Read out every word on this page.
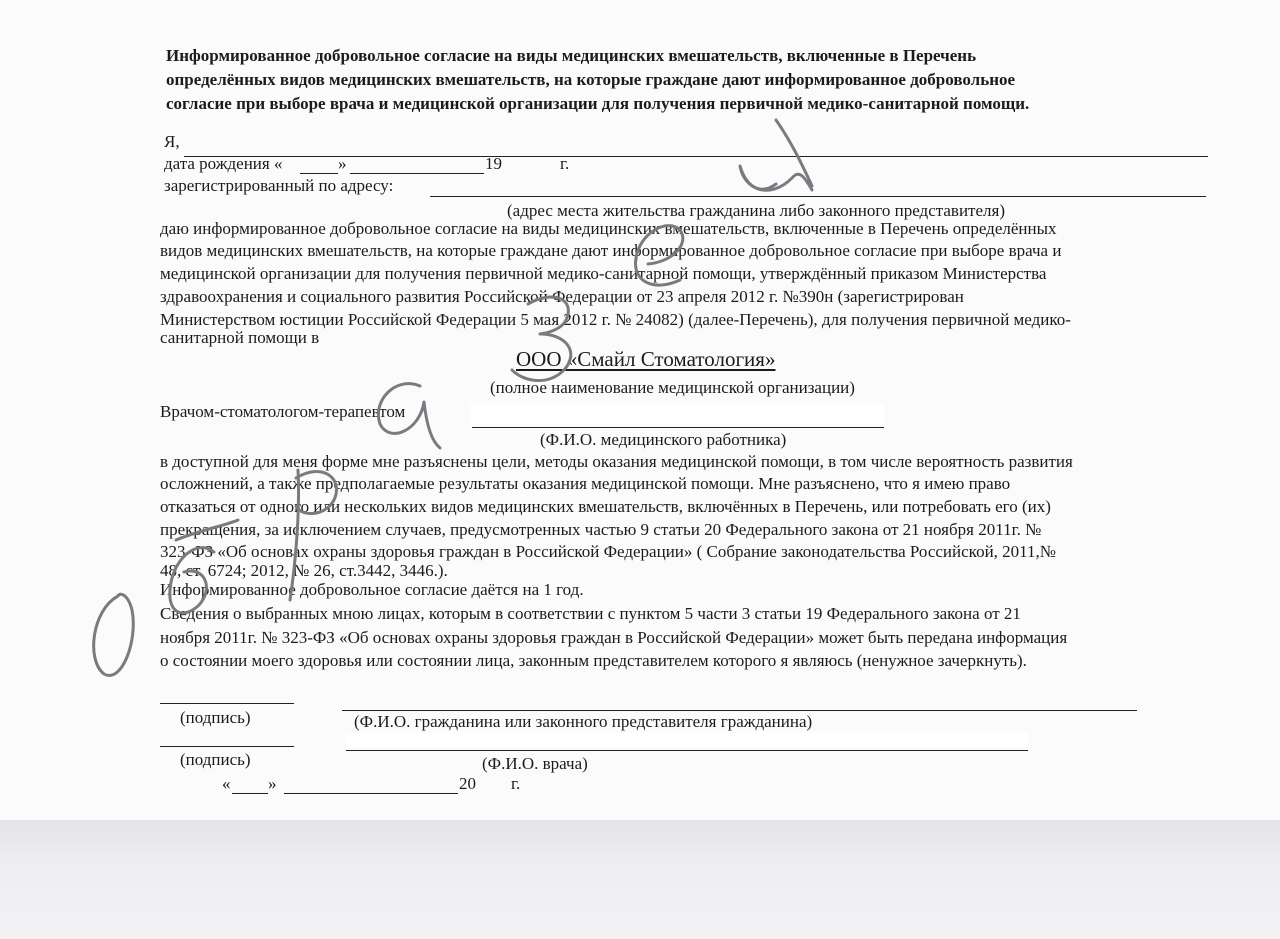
Информированное добровольное согласие на виды медицинских вмешательств, включенные в Перечень
определённых видов медицинских вмешательств, на которые граждане дают информированное добровольное
согласие при выборе врача и медицинской организации для получения первичной медико-санитарной помощи.
Я,
дата рождения «	»	19	г.
зарегистрированный по адресу:
(адрес места жительства гражданина либо законного представителя)
даю информированное добровольное согласие на виды медицинских вмешательств, включенные в Перечень определённых
видов медицинских вмешательств, на которые граждане дают информированное добровольное согласие при выборе врача и
медицинской организации для получения первичной медико-санитарной помощи, утверждённый приказом Министерства
здравоохранения и социального развития Российской Федерации от 23 апреля 2012 г. №390н (зарегистрирован
Министерством юстиции Российской Федерации 5 мая 2012 г. № 24082) (далее-Перечень), для получения первичной медико-
санитарной помощи в
ООО «Смайл Стоматология»
(полное наименование медицинской организации)
Врачом-стоматологом-терапевтом
(Ф.И.О. медицинского работника)
в доступной для меня форме мне разъяснены цели, методы оказания медицинской помощи, в том числе вероятность развития
осложнений, а также предполагаемые результаты оказания медицинской помощи. Мне разъяснено, что я имею право
отказаться от одного или нескольких видов медицинских вмешательств, включённых в Перечень, или потребовать его (их)
прекращения, за исключением случаев, предусмотренных частью 9 статьи 20 Федерального закона от 21 ноября 2011г. №
323-ФЗ «Об основах охраны здоровья граждан в Российской Федерации» ( Собрание законодательства Российской, 2011,№
48, ст. 6724; 2012, № 26, ст.3442, 3446.).
Информированное добровольное согласие даётся на 1 год.
Сведения о выбранных мною лицах, которым в соответствии с пунктом 5 части 3 статьи 19 Федерального закона от 21
ноября 2011г. № 323-ФЗ «Об основах охраны здоровья граждан в Российской Федерации» может быть передана информация
о состоянии моего здоровья или состоянии лица, законным представителем которого я являюсь (ненужное зачеркнуть).
(подпись)	(Ф.И.О. гражданина или законного представителя гражданина)
(подпись)	(Ф.И.О. врача)
« »	20 г.
